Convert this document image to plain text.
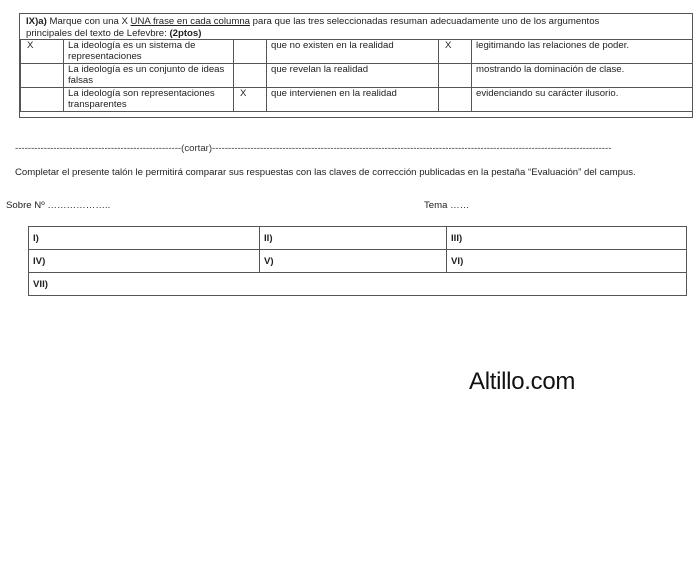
IX)a) Marque con una X UNA frase en cada columna para que las tres seleccionadas resuman adecuadamente uno de los argumentos
principales del texto de Lefevbre: (2ptos)
X	La ideología es un sistema de representaciones		que no existen en la realidad	X	legitimando las relaciones de poder.
	La ideología es un conjunto de ideas falsas		que revelan la realidad		mostrando la dominación de clase.
	La ideología son representaciones transparentes	X	que intervienen en la realidad		evidenciando su carácter ilusorio.
----------------------------------------------------(cortar)-----------------------------------------------------------------------------------------------------------------------------
Completar el presente talón le permitirá comparar sus respuestas con las claves de corrección publicadas en la pestaña “Evaluación” del campus.
Sobre Nº ………………..	Tema ……
I)	II)	III)
IV)	V)	VI)
VII)		
Altillo.com
